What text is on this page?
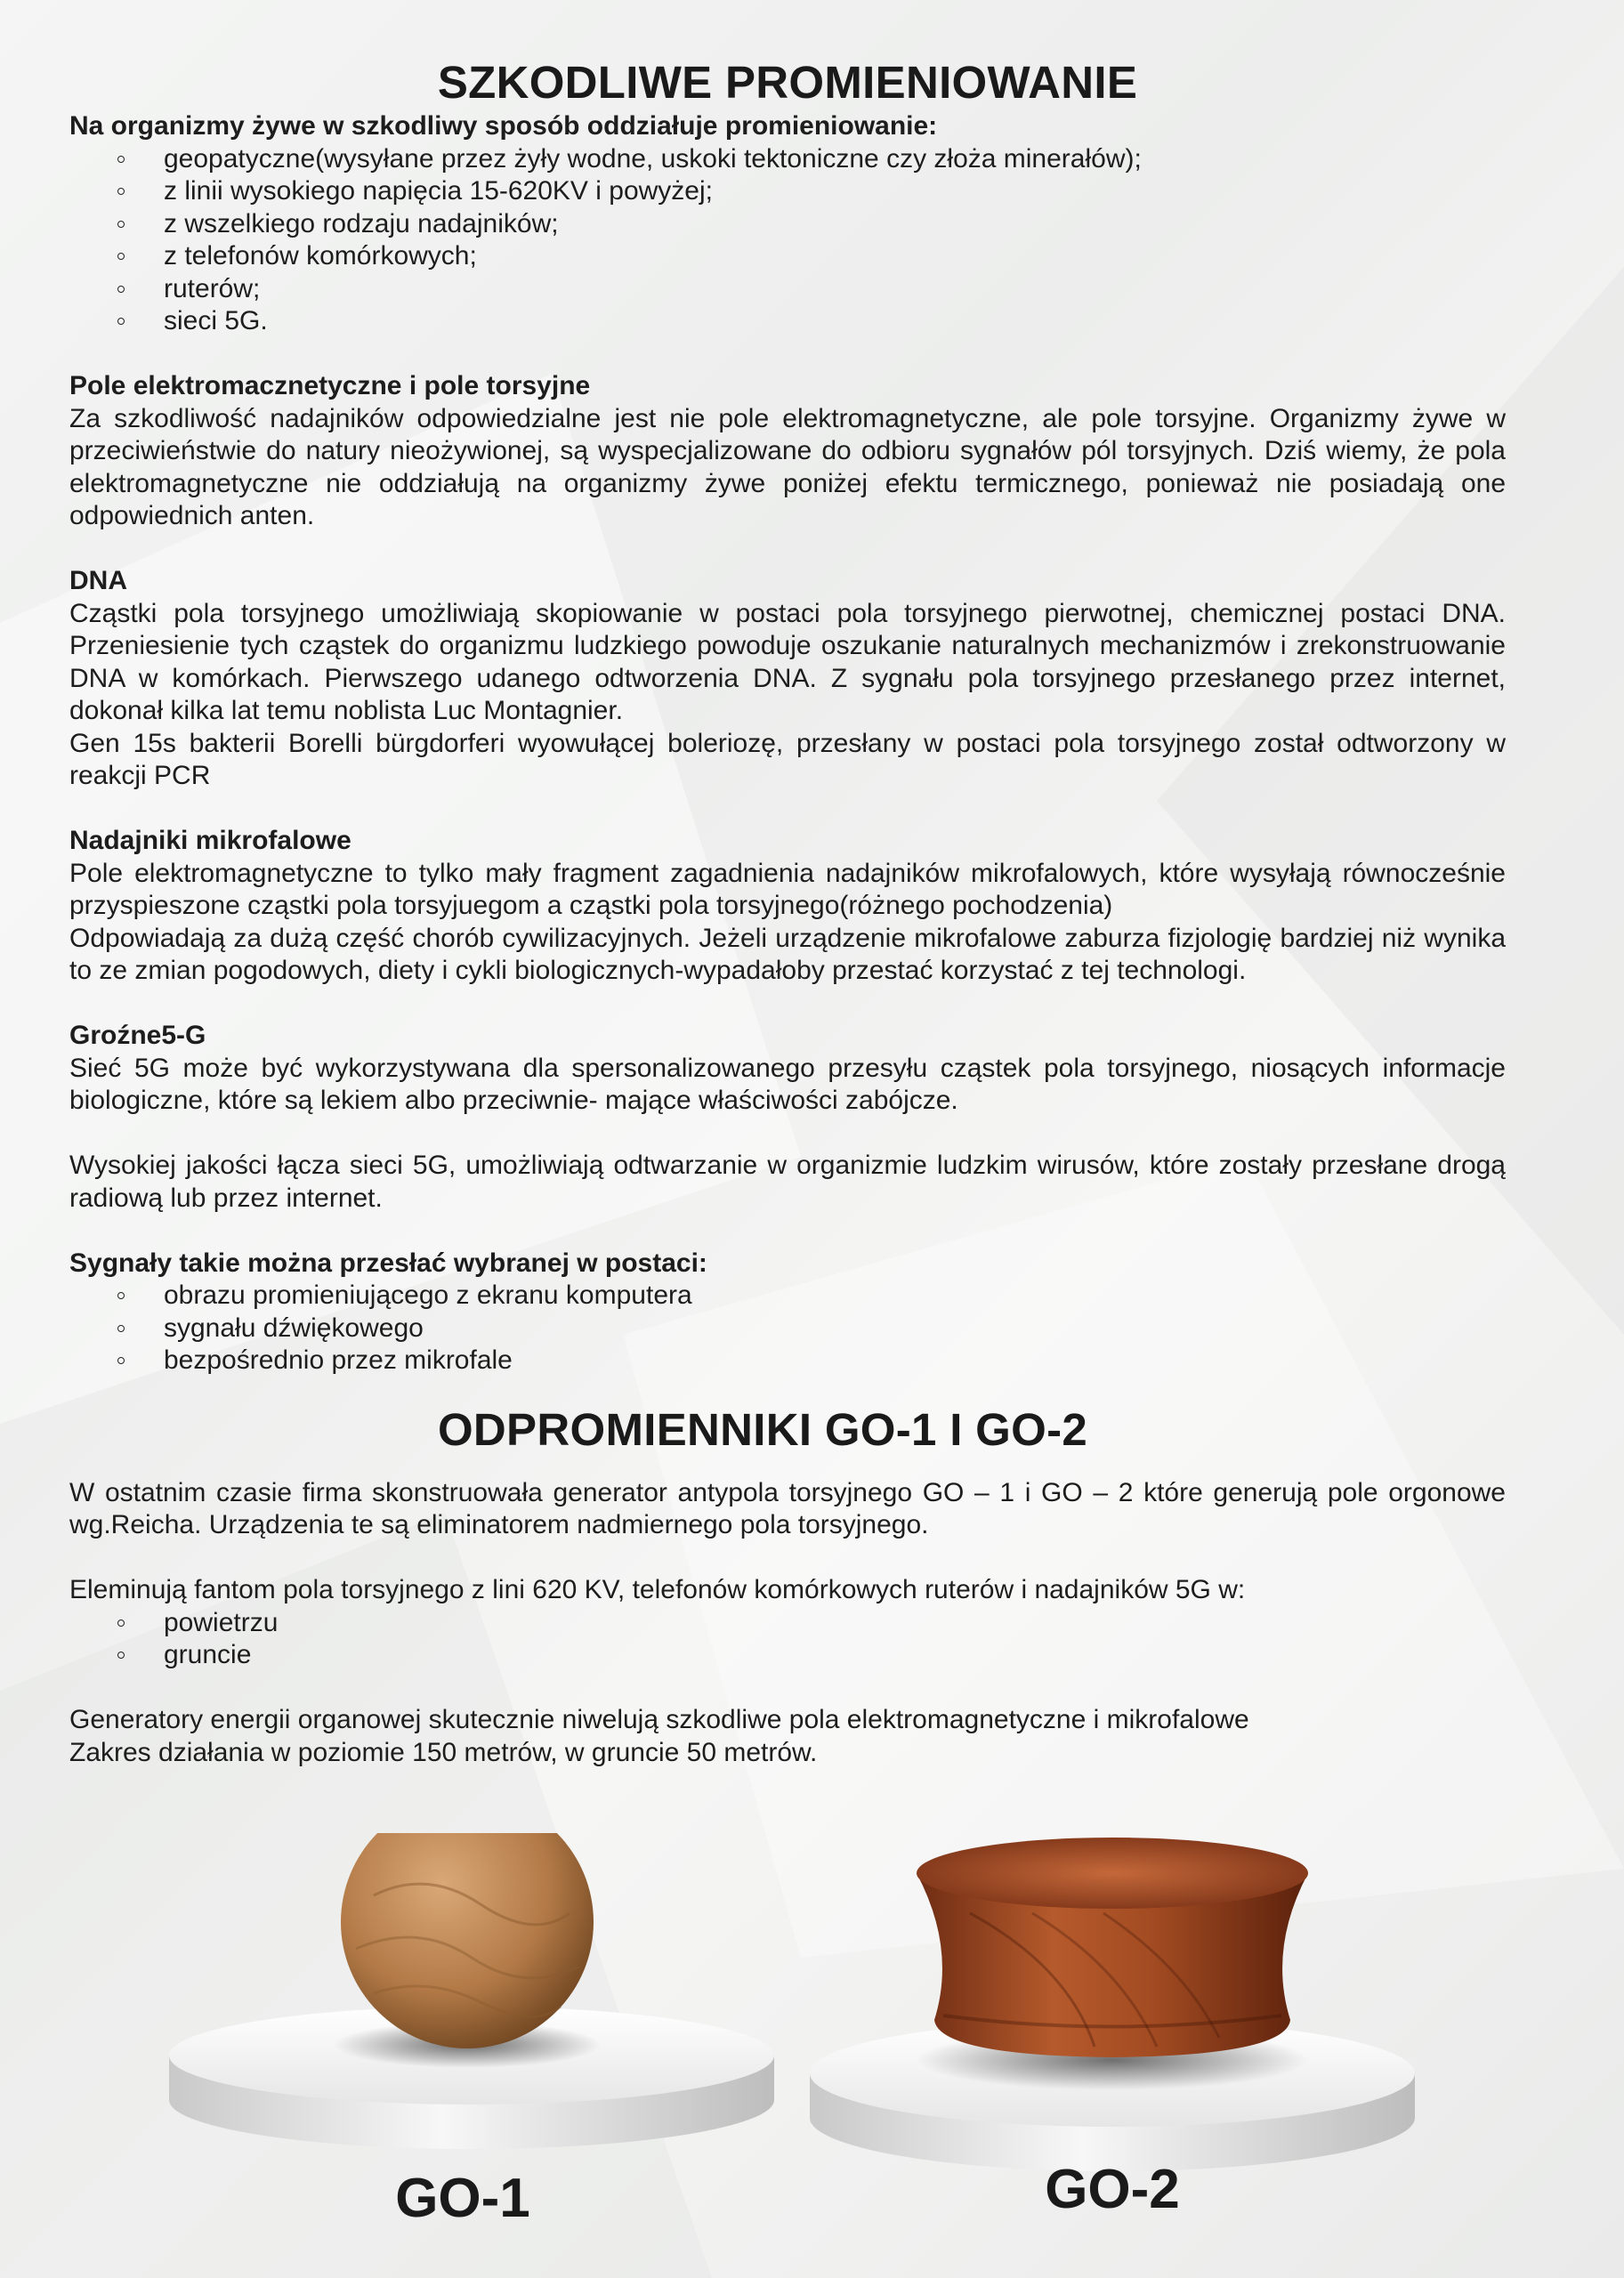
SZKODLIWE PROMIENIOWANIE
Na organizmy żywe w szkodliwy sposób oddziałuje promieniowanie:
geopatyczne(wysyłane przez żyły wodne, uskoki tektoniczne czy złoża minerałów);
z linii wysokiego napięcia 15-620KV i powyżej;
z wszelkiego rodzaju nadajników;
z telefonów komórkowych;
ruterów;
sieci 5G.
Pole elektromacznetyczne i pole torsyjne
Za szkodliwość nadajników odpowiedzialne jest nie pole elektromagnetyczne, ale pole torsyjne. Organizmy żywe w przeciwieństwie do natury nieożywionej, są wyspecjalizowane do odbioru sygnałów pól torsyjnych. Dziś wiemy, że pola elektromagnetyczne nie oddziałują na organizmy żywe poniżej efektu termicznego, ponieważ nie posiadają one odpowiednich anten.
DNA
Cząstki pola torsyjnego umożliwiają skopiowanie w postaci pola torsyjnego pierwotnej, chemicznej postaci DNA. Przeniesienie tych cząstek do organizmu ludzkiego powoduje oszukanie naturalnych mechanizmów i zrekonstruowanie DNA w komórkach. Pierwszego udanego odtworzenia DNA. Z sygnału pola torsyjnego przesłanego przez internet, dokonał kilka lat temu noblista Luc Montagnier.
Gen 15s bakterii Borelli bürgdorferi wyowułącej boleriozę, przesłany w postaci pola torsyjnego został odtworzony w reakcji PCR
Nadajniki mikrofalowe
Pole elektromagnetyczne to tylko mały fragment zagadnienia nadajników mikrofalowych, które wysyłają równocześnie przyspieszone cząstki pola torsyjuegom a cząstki pola torsyjnego(różnego pochodzenia)
Odpowiadają za dużą część chorób cywilizacyjnych. Jeżeli urządzenie mikrofalowe zaburza fizjologię bardziej niż wynika to ze zmian pogodowych, diety i cykli biologicznych-wypadałoby przestać korzystać z tej technologi.
Groźne5-G
Sieć 5G może być wykorzystywana dla spersonalizowanego przesyłu cząstek pola torsyjnego, niosących informacje biologiczne, które są lekiem albo przeciwnie- mające właściwości zabójcze.
Wysokiej jakości łącza sieci 5G, umożliwiają odtwarzanie w organizmie ludzkim wirusów, które zostały przesłane drogą radiową lub przez internet.
Sygnały takie można przesłać wybranej w postaci:
obrazu promieniującego z ekranu komputera
sygnału dźwiękowego
bezpośrednio przez mikrofale
ODPROMIENNIKI GO-1 I GO-2
W ostatnim czasie firma skonstruowała generator antypola torsyjnego GO – 1 i GO – 2 które generują pole orgonowe wg.Reicha. Urządzenia te są eliminatorem nadmiernego pola torsyjnego.
Eleminują fantom pola torsyjnego z lini 620 KV, telefonów komórkowych ruterów i nadajników 5G w:
powietrzu
gruncie
Generatory energii organowej skutecznie niwelują szkodliwe pola elektromagnetyczne i mikrofalowe
Zakres działania w poziomie 150 metrów, w gruncie 50 metrów.
GO-1	GO-2
